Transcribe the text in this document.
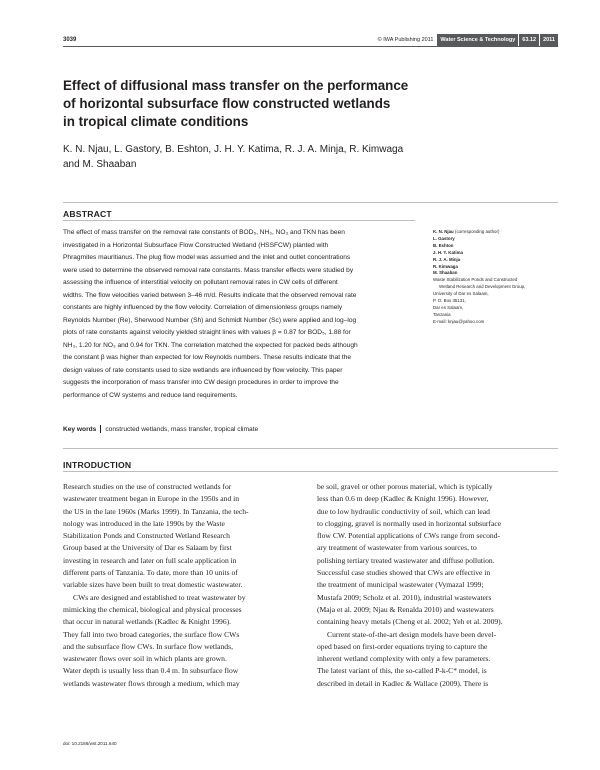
3039	© IWA Publishing 2011	Water Science & Technology	63.12	2011
Effect of diffusional mass transfer on the performance
of horizontal subsurface flow constructed wetlands
in tropical climate conditions
K. N. Njau, L. Gastory, B. Eshton, J. H. Y. Katima, R. J. A. Minja, R. Kimwaga
and M. Shaaban
ABSTRACT
The effect of mass transfer on the removal rate constants of BOD₅, NH₃, NO₃ and TKN has been
investigated in a Horizontal Subsurface Flow Constructed Wetland (HSSFCW) planted with
Phragmites mauritianus. The plug flow model was assumed and the inlet and outlet concentrations
were used to determine the observed removal rate constants. Mass transfer effects were studied by
assessing the influence of interstitial velocity on pollutant removal rates in CW cells of different
widths. The flow velocities varied between 3–46 m/d. Results indicate that the observed removal rate
constants are highly influenced by the flow velocity. Correlation of dimensionless groups namely
Reynolds Number (Re), Sherwood Number (Sh) and Schmidt Number (Sc) were applied and log–log
plots of rate constants against velocity yielded straight lines with values β = 0.87 for BOD₅, 1.88 for
NH₃, 1.20 for NO₃ and 0.94 for TKN. The correlation matched the expected for packed beds although
the constant β was higher than expected for low Reynolds numbers. These results indicate that the
design values of rate constants used to size wetlands are influenced by flow velocity. This paper
suggests the incorporation of mass transfer into CW design procedures in order to improve the
performance of CW systems and reduce land requirements.
Key words constructed wetlands, mass transfer, tropical climate
K. N. Njau (corresponding author)
L. Gastory
B. Eshton
J. H. Y. Katima
R. J. A. Minja
R. Kimwaga
M. Shaaban
Waste Stabilization Ponds and Constructed
Wetland Research and Development Group,
University of Dar es Salaam,
P. O. Box 35131,
Dar es Salaam,
Tanzania
E-mail: knjau@yahoo.com
INTRODUCTION
Research studies on the use of constructed wetlands for
wastewater treatment began in Europe in the 1950s and in
the US in the late 1960s (Marks 1999). In Tanzania, the tech-
nology was introduced in the late 1990s by the Waste
Stabilization Ponds and Constructed Wetland Research
Group based at the University of Dar es Salaam by first
investing in research and later on full scale application in
different parts of Tanzania. To date, more than 10 units of
variable sizes have been built to treat domestic wastewater.
CWs are designed and established to treat wastewater by
mimicking the chemical, biological and physical processes
that occur in natural wetlands (Kadlec & Knight 1996).
They fall into two broad categories, the surface flow CWs
and the subsurface flow CWs. In surface flow wetlands,
wastewater flows over soil in which plants are grown.
Water depth is usually less than 0.4 m. In subsurface flow
wetlands wastewater flows through a medium, which may
be soil, gravel or other porous material, which is typically
less than 0.6 m deep (Kadlec & Knight 1996). However,
due to low hydraulic conductivity of soil, which can lead
to clogging, gravel is normally used in horizontal subsurface
flow CW. Potential applications of CWs range from second-
ary treatment of wastewater from various sources, to
polishing tertiary treated wastewater and diffuse pollution.
Successful case studies showed that CWs are effective in
the treatment of municipal wastewater (Vymazal 1999;
Mustafa 2009; Scholz et al. 2010), industrial wastewaters
(Maja et al. 2009; Njau & Renalda 2010) and wastewaters
containing heavy metals (Cheng et al. 2002; Yeh et al. 2009).
Current state-of-the-art design models have been devel-
oped based on first-order equations trying to capture the
inherent wetland complexity with only a few parameters.
The latest variant of this, the so-called P-k-C* model, is
described in detail in Kadlec & Wallace (2009). There is
doi: 10.2166/wst.2011.640
